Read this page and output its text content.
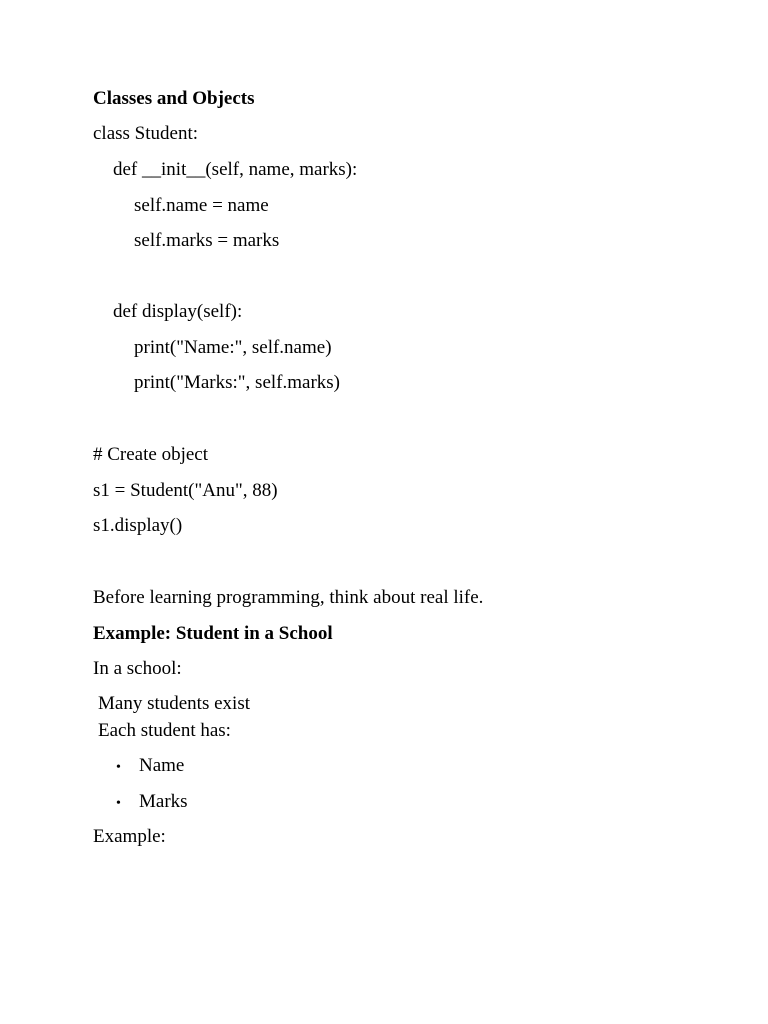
Classes and Objects
class Student:
def __init__(self, name, marks):
self.name = name
self.marks = marks
def display(self):
print("Name:", self.name)
print("Marks:", self.marks)
# Create object
s1 = Student("Anu", 88)
s1.display()
Before learning programming, think about real life.
Example: Student in a School
In a school:
Many students exist
Each student has:
• Name
• Marks
Example:
